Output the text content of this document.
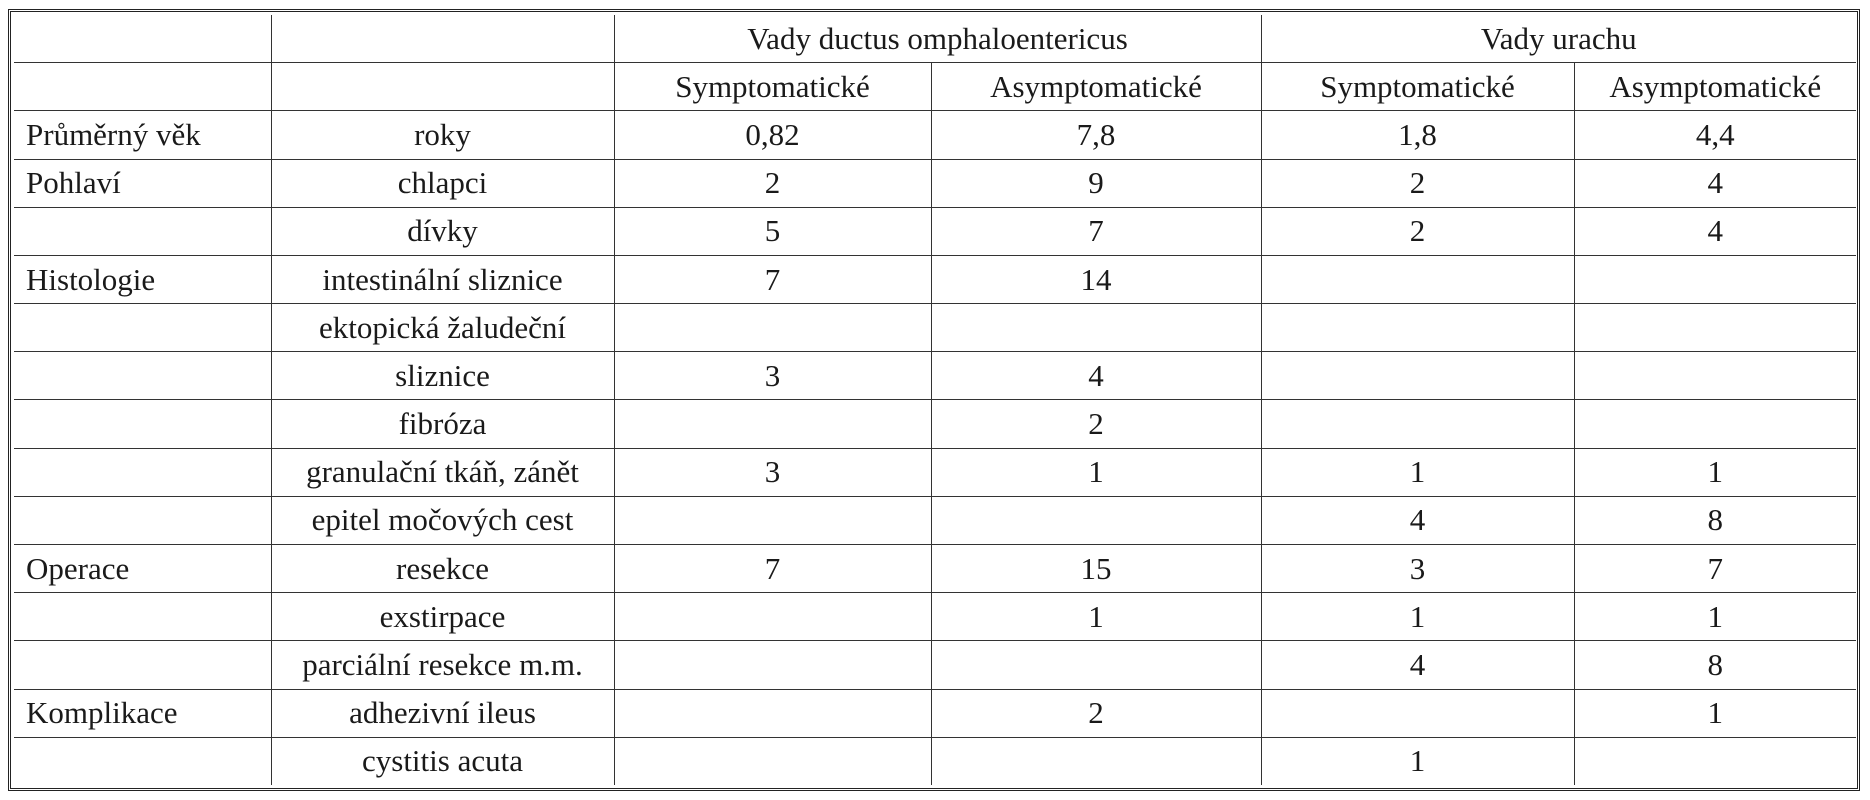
		Vady ductus omphaloentericus		Vady urachu	
		Symptomatické	Asymptomatické	Symptomatické	Asymptomatické
Průměrný věk	roky	0,82	7,8	1,8	4,4
Pohlaví	chlapci	2	9	2	4
	dívky	5	7	2	4
Histologie	intestinální sliznice	7	14		
	ektopická žaludeční				
	sliznice	3	4		
	fibróza		2		
	granulační tkáň, zánět	3	1	1	1
	epitel močových cest			4	8
Operace	resekce	7	15	3	7
	exstirpace		1	1	1
	parciální resekce m.m.			4	8
Komplikace	adhezivní ileus		2		1
	cystitis acuta			1	
